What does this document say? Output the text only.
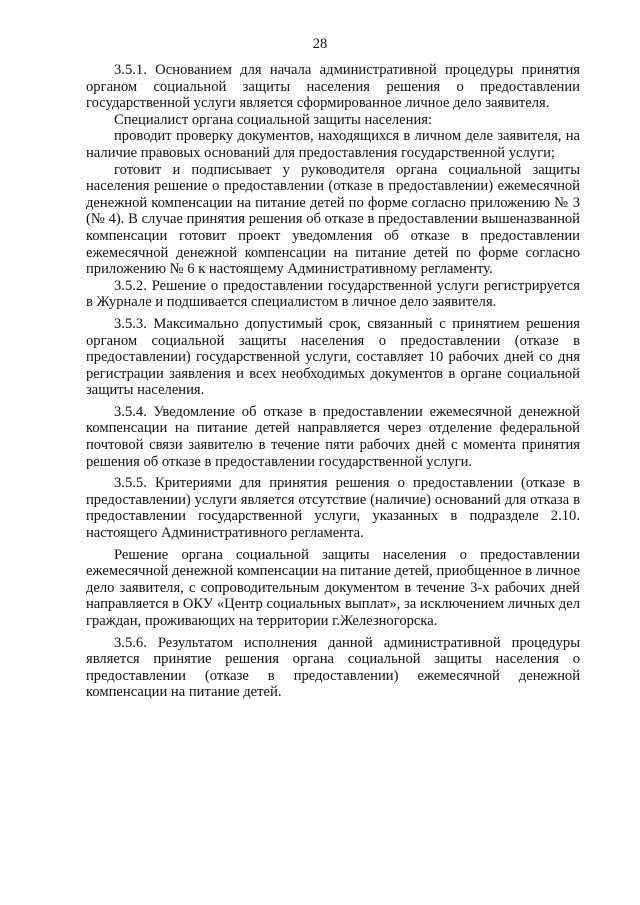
28

3.5.1. Основанием для начала административной процедуры принятия органом социальной защиты населения решения о предоставлении государственной услуги является сформированное личное дело заявителя.

Специалист органа социальной защиты населения:

проводит проверку документов, находящихся в личном деле заявителя, на наличие правовых оснований для предоставления государственной услуги;

готовит и подписывает у руководителя органа социальной защиты населения решение о предоставлении (отказе в предоставлении) ежемесячной денежной компенсации на питание детей по форме согласно приложению № 3 (№ 4). В случае принятия решения об отказе в предоставлении вышеназванной компенсации готовит проект уведомления об отказе в предоставлении ежемесячной денежной компенсации на питание детей по форме согласно приложению № 6 к настоящему Административному регламенту.

3.5.2. Решение о предоставлении государственной услуги регистрируется в Журнале и подшивается специалистом в личное дело заявителя.

3.5.3. Максимально допустимый срок, связанный с принятием решения органом социальной защиты населения о предоставлении (отказе в предоставлении) государственной услуги, составляет 10 рабочих дней со дня регистрации заявления и всех необходимых документов в органе социальной защиты населения.

3.5.4. Уведомление об отказе в предоставлении ежемесячной денежной компенсации на питание детей направляется через отделение федеральной почтовой связи заявителю в течение пяти рабочих дней с момента принятия решения об отказе в предоставлении государственной услуги.

3.5.5. Критериями для принятия решения о предоставлении (отказе в предоставлении) услуги является отсутствие (наличие) оснований для отказа в предоставлении государственной услуги, указанных в подразделе 2.10. настоящего Административного регламента.

Решение органа социальной защиты населения о предоставлении ежемесячной денежной компенсации на питание детей, приобщенное в личное дело заявителя, с сопроводительным документом в течение 3-х рабочих дней направляется в ОКУ «Центр социальных выплат», за исключением личных дел граждан, проживающих на территории г.Железногорска.

3.5.6. Результатом исполнения данной административной процедуры является принятие решения органа социальной защиты населения о предоставлении (отказе в предоставлении) ежемесячной денежной компенсации на питание детей.
